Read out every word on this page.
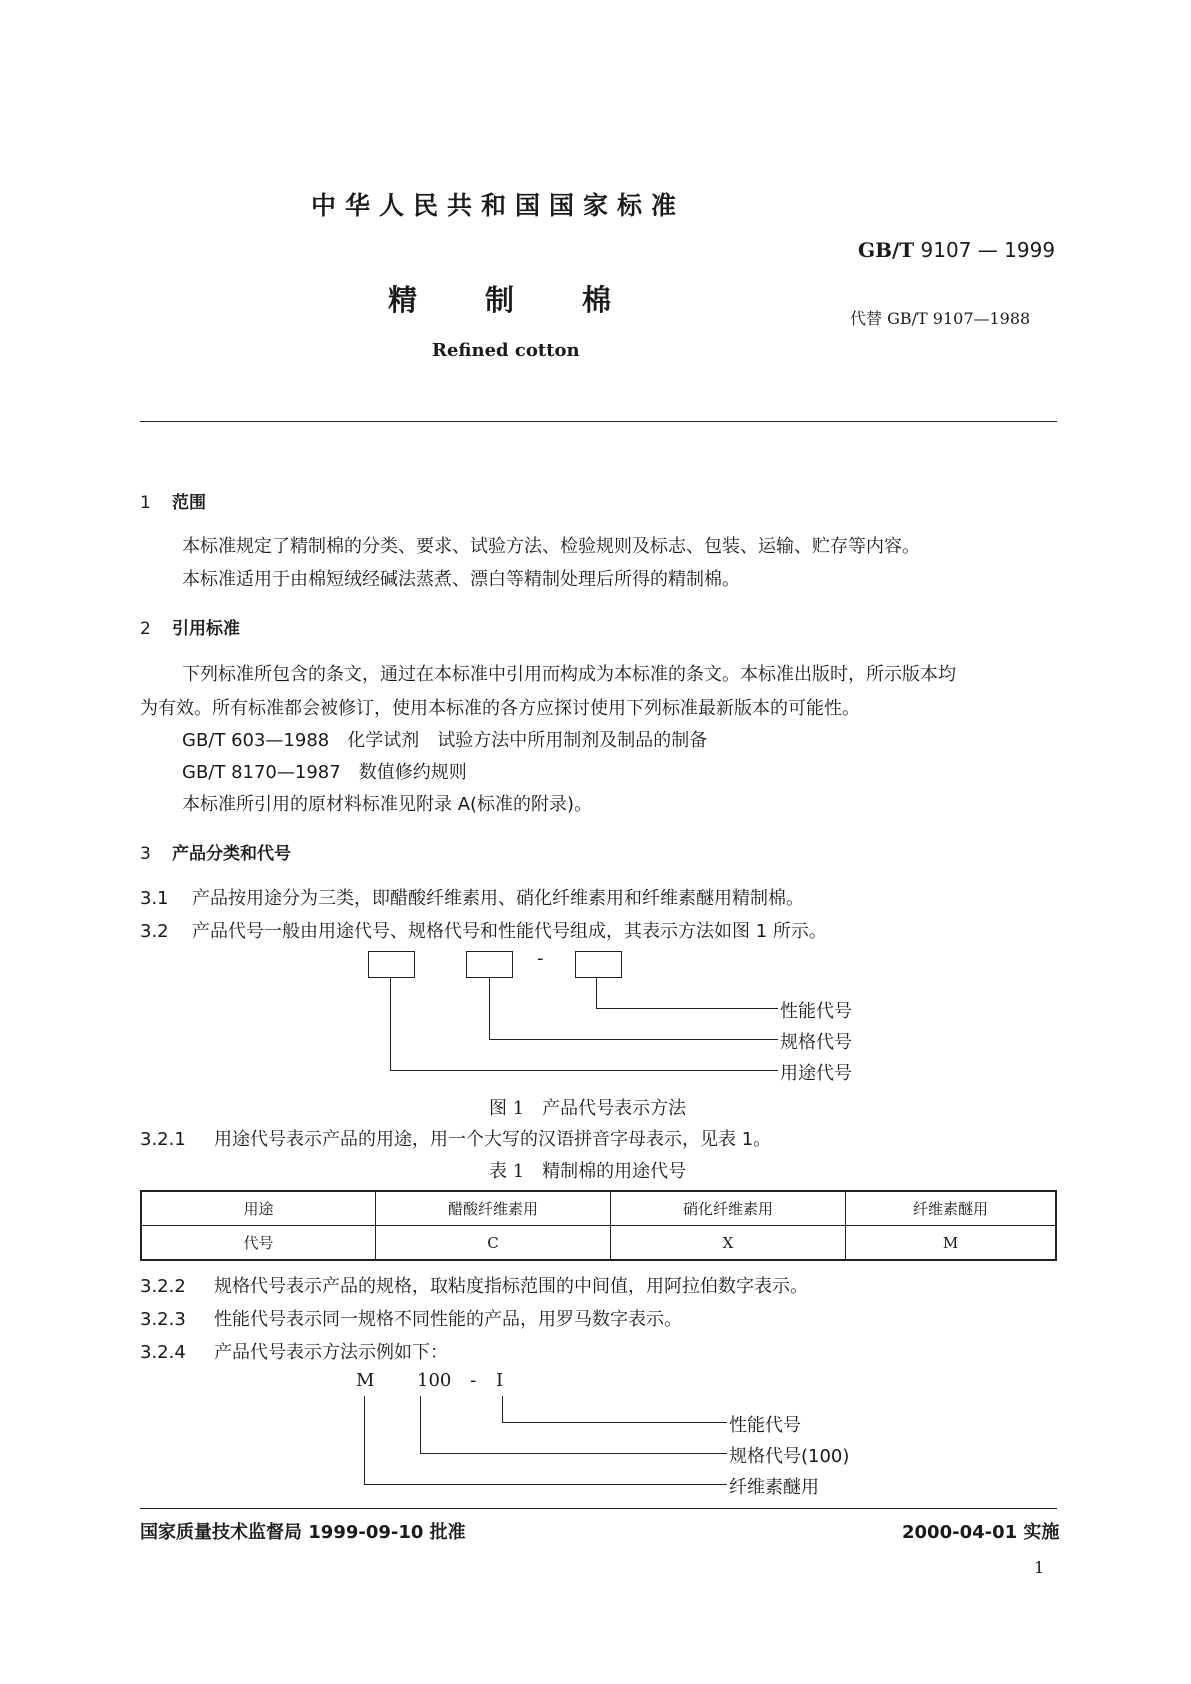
中华人民共和国国家标准
GB/T 9107 — 1999
精制棉
代替 GB/T 9107—1988
Refined cotton
1 范围
本标准规定了精制棉的分类、要求、试验方法、检验规则及标志、包装、运输、贮存等内容。
本标准适用于由棉短绒经碱法蒸煮、漂白等精制处理后所得的精制棉。
2 引用标准
下列标准所包含的条文，通过在本标准中引用而构成为本标准的条文。本标准出版时，所示版本均
为有效。所有标准都会被修订，使用本标准的各方应探讨使用下列标准最新版本的可能性。
GB/T 603—1988　化学试剂　试验方法中所用制剂及制品的制备
GB/T 8170—1987　数值修约规则
本标准所引用的原材料标准见附录 A(标准的附录)。
3 产品分类和代号
3.1 产品按用途分为三类，即醋酸纤维素用、硝化纤维素用和纤维素醚用精制棉。
3.2 产品代号一般由用途代号、规格代号和性能代号组成，其表示方法如图 1 所示。
-
性能代号
规格代号
用途代号
图 1　产品代号表示方法
3.2.1 用途代号表示产品的用途，用一个大写的汉语拼音字母表示，见表 1。
表 1　精制棉的用途代号
用途	醋酸纤维素用	硝化纤维素用	纤维素醚用
代号	C	X	M
3.2.2 规格代号表示产品的规格，取粘度指标范围的中间值，用阿拉伯数字表示。
3.2.3 性能代号表示同一规格不同性能的产品，用罗马数字表示。
3.2.4 产品代号表示方法示例如下：
M 100 - I
性能代号
规格代号(100)
纤维素醚用
国家质量技术监督局 1999-09-10 批准	2000-04-01 实施
1
